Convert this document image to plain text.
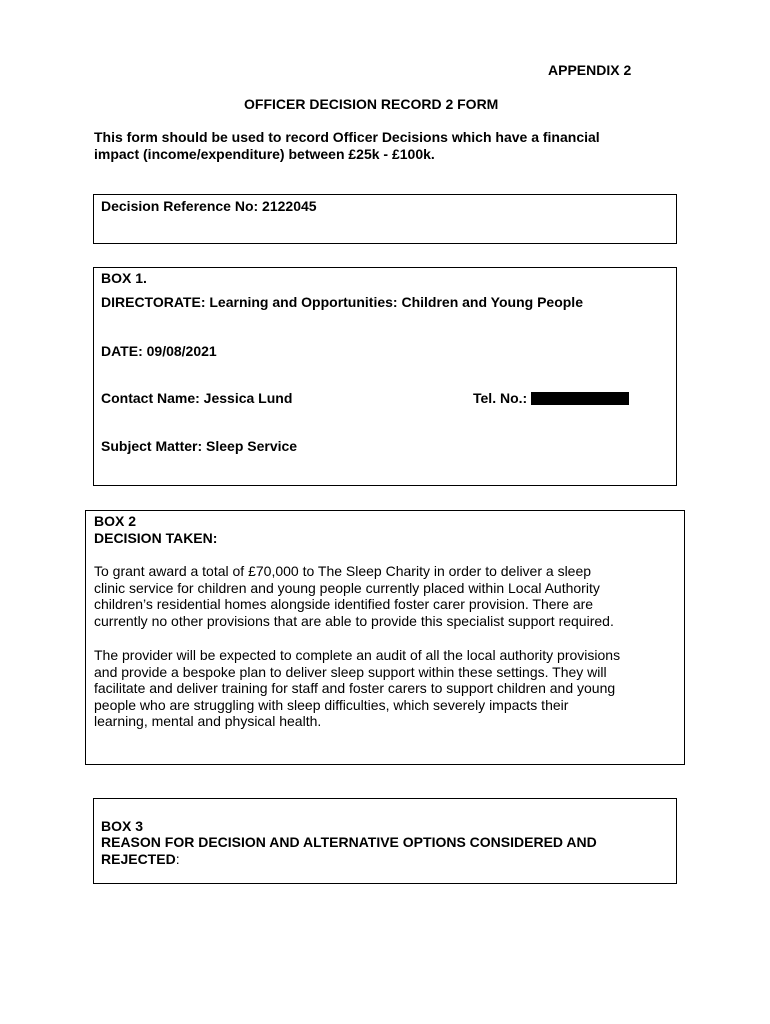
APPENDIX 2
OFFICER DECISION RECORD 2 FORM
This form should be used to record Officer Decisions which have a financial
impact (income/expenditure) between £25k - £100k.
Decision Reference No: 2122045
BOX 1.
DIRECTORATE: Learning and Opportunities: Children and Young People
DATE: 09/08/2021
Contact Name: Jessica Lund	Tel. No.:
Subject Matter: Sleep Service
BOX 2
DECISION TAKEN:
To grant award a total of £70,000 to The Sleep Charity in order to deliver a sleep
clinic service for children and young people currently placed within Local Authority
children’s residential homes alongside identified foster carer provision. There are
currently no other provisions that are able to provide this specialist support required.
The provider will be expected to complete an audit of all the local authority provisions
and provide a bespoke plan to deliver sleep support within these settings. They will
facilitate and deliver training for staff and foster carers to support children and young
people who are struggling with sleep difficulties, which severely impacts their
learning, mental and physical health.
BOX 3
REASON FOR DECISION AND ALTERNATIVE OPTIONS CONSIDERED AND
REJECTED:
